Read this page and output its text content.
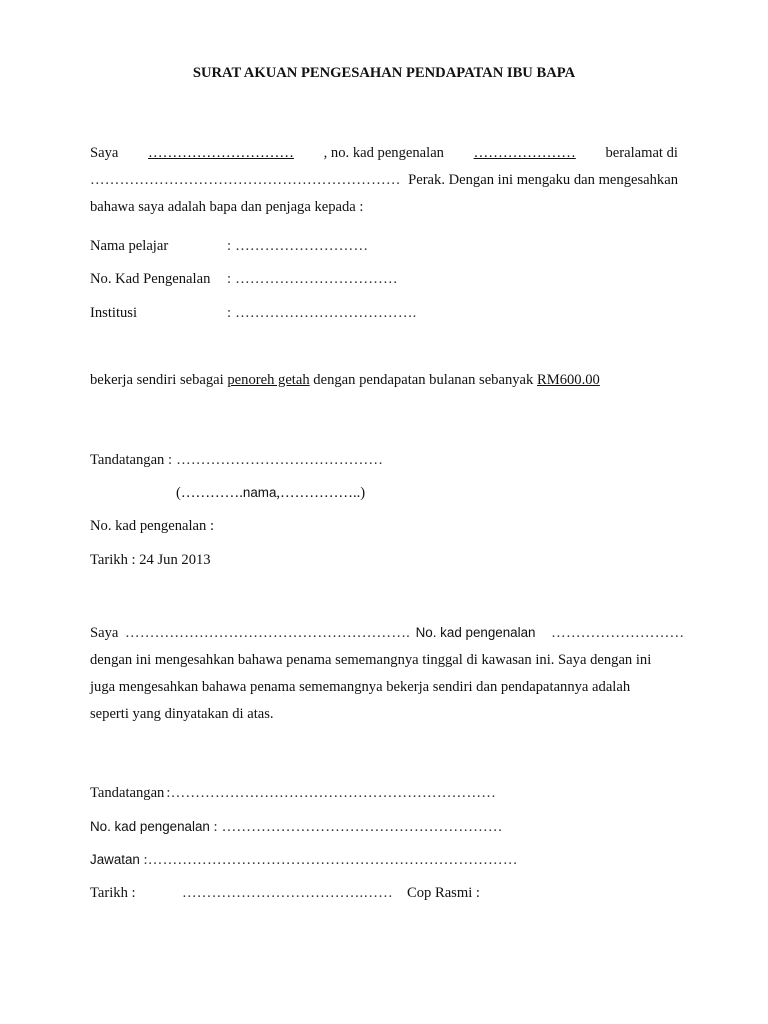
SURAT AKUAN PENGESAHAN PENDAPATAN IBU BAPA
Saya ………………………… , no. kad pengenalan ………………… beralamat di
……………………………………………………… Perak. Dengan ini mengaku dan mengesahkan
bahawa saya adalah bapa dan penjaga kepada :
Nama pelajar	: ………………………
No. Kad Pengenalan : ……………………………
Institusi	: ……………………………….
bekerja sendiri sebagai penoreh getah dengan pendapatan bulanan sebanyak RM600.00
Tandatangan : ……………………………………
(………….nama,……………..)
No. kad pengenalan :
Tarikh : 24 Jun 2013
Saya …………………………………………………. No. kad pengenalan ………………………
dengan ini mengesahkan bahawa penama sememangnya tinggal di kawasan ini. Saya dengan ini
juga mengesahkan bahawa penama sememangnya bekerja sendiri dan pendapatannya adalah
seperti yang dinyatakan di atas.
Tandatangan :…………………………………………………………
No. kad pengenalan : …………………………………………………
Jawatan :…………………………………………………………………
Tarikh :	……………………………….…… Cop Rasmi :
